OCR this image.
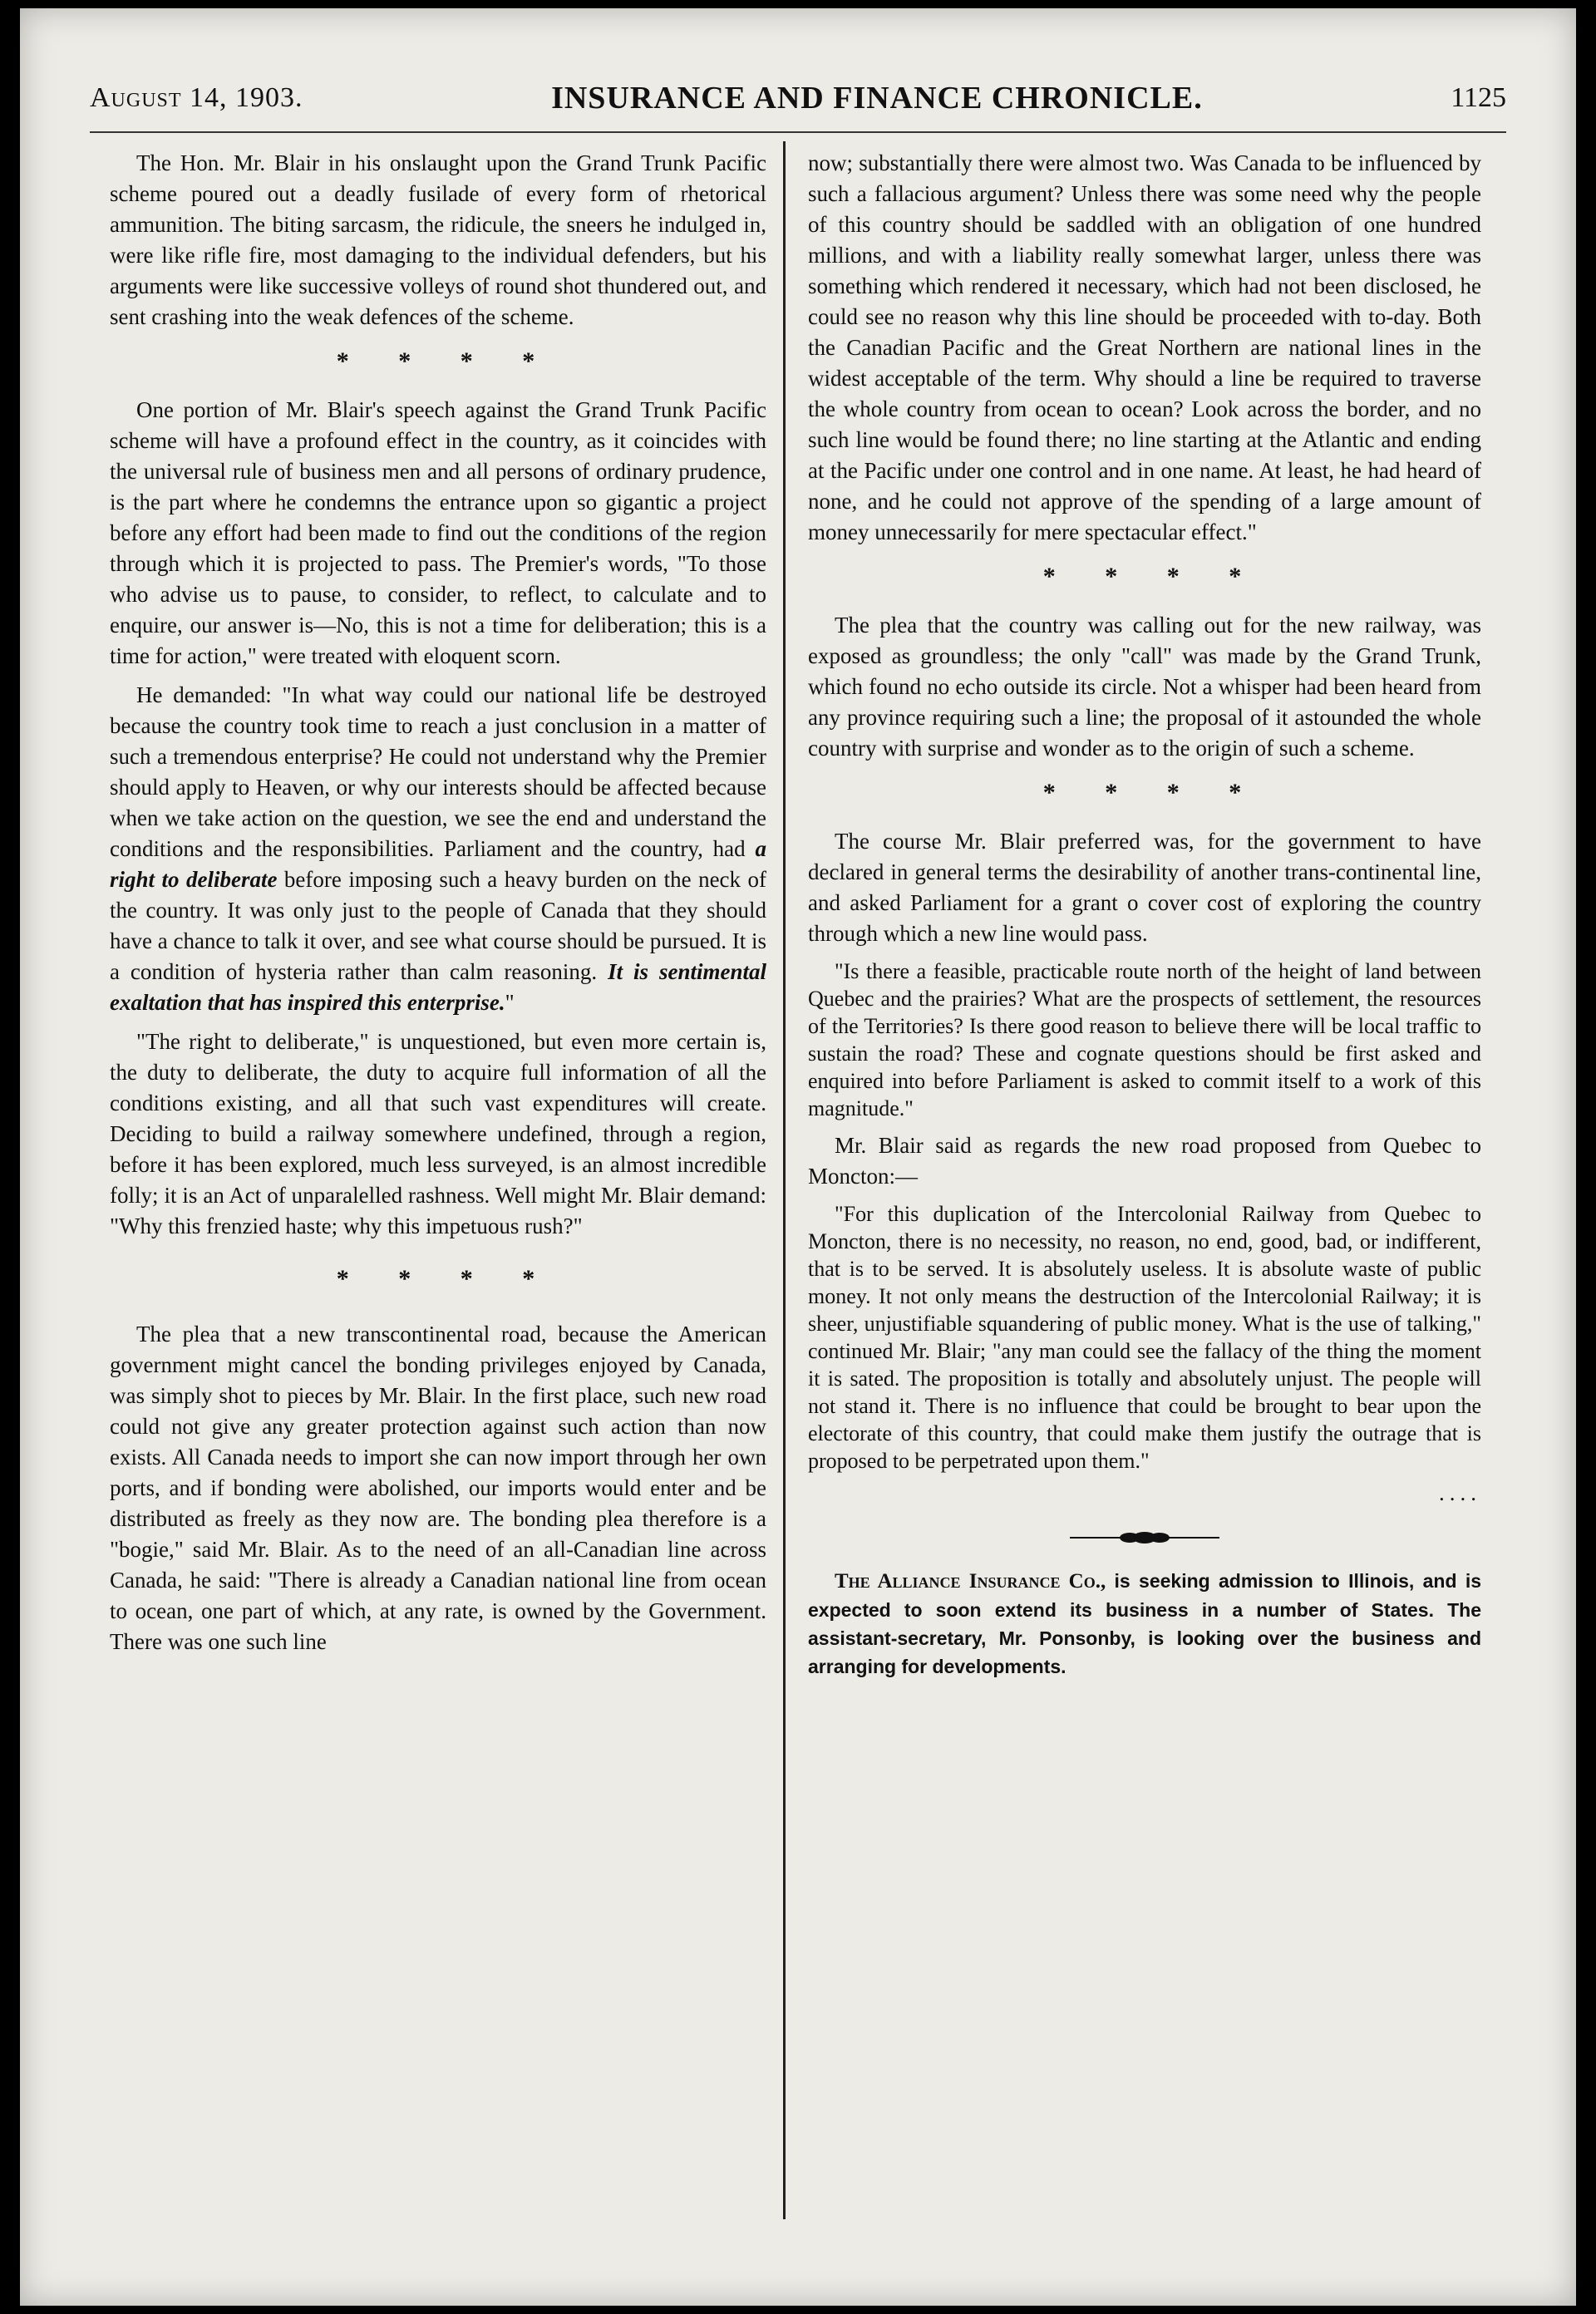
August 14, 1903.	INSURANCE AND FINANCE CHRONICLE.	1125

The Hon. Mr. Blair in his onslaught upon the Grand Trunk Pacific scheme poured out a deadly fusilade of every form of rhetorical ammunition. The biting sarcasm, the ridicule, the sneers he indulged in, were like rifle fire, most damaging to the individual defenders, but his arguments were like successive volleys of round shot thundered out, and sent crashing into the weak defences of the scheme.

* * * *

One portion of Mr. Blair's speech against the Grand Trunk Pacific scheme will have a profound effect in the country, as it coincides with the universal rule of business men and all persons of ordinary prudence, is the part where he condemns the entrance upon so gigantic a project before any effort had been made to find out the conditions of the region through which it is projected to pass. The Premier's words, "To those who advise us to pause, to consider, to reflect, to calculate and to enquire, our answer is—No, this is not a time for deliberation; this is a time for action," were treated with eloquent scorn.

He demanded: "In what way could our national life be destroyed because the country took time to reach a just conclusion in a matter of such a tremendous enterprise? He could not understand why the Premier should apply to Heaven, or why our interests should be affected because when we take action on the question, we see the end and understand the conditions and the responsibilities. Parliament and the country, had a right to deliberate before imposing such a heavy burden on the neck of the country. It was only just to the people of Canada that they should have a chance to talk it over, and see what course should be pursued. It is a condition of hysteria rather than calm reasoning. It is sentimental exaltation that has inspired this enterprise."

"The right to deliberate," is unquestioned, but even more certain is, the duty to deliberate, the duty to acquire full information of all the conditions existing, and all that such vast expenditures will create. Deciding to build a railway somewhere undefined, through a region, before it has been explored, much less surveyed, is an almost incredible folly; it is an Act of unparalelled rashness. Well might Mr. Blair demand: "Why this frenzied haste; why this impetuous rush?"

* * * *

The plea that a new transcontinental road, because the American government might cancel the bonding privileges enjoyed by Canada, was simply shot to pieces by Mr. Blair. In the first place, such new road could not give any greater protection against such action than now exists. All Canada needs to import she can now import through her own ports, and if bonding were abolished, our imports would enter and be distributed as freely as they now are. The bonding plea therefore is a "bogie," said Mr. Blair. As to the need of an all-Canadian line across Canada, he said: "There is already a Canadian national line from ocean to ocean, one part of which, at any rate, is owned by the Government. There was one such line

now; substantially there were almost two. Was Canada to be influenced by such a fallacious argument? Unless there was some need why the people of this country should be saddled with an obligation of one hundred millions, and with a liability really somewhat larger, unless there was something which rendered it necessary, which had not been disclosed, he could see no reason why this line should be proceeded with to-day. Both the Canadian Pacific and the Great Northern are national lines in the widest acceptable of the term. Why should a line be required to traverse the whole country from ocean to ocean? Look across the border, and no such line would be found there; no line starting at the Atlantic and ending at the Pacific under one control and in one name. At least, he had heard of none, and he could not approve of the spending of a large amount of money unnecessarily for mere spectacular effect."

* * * *

The plea that the country was calling out for the new railway, was exposed as groundless; the only "call" was made by the Grand Trunk, which found no echo outside its circle. Not a whisper had been heard from any province requiring such a line; the proposal of it astounded the whole country with surprise and wonder as to the origin of such a scheme.

* * * *

The course Mr. Blair preferred was, for the government to have declared in general terms the desirability of another trans-continental line, and asked Parliament for a grant o cover cost of exploring the country through which a new line would pass.

"Is there a feasible, practicable route north of the height of land between Quebec and the prairies? What are the prospects of settlement, the resources of the Territories? Is there good reason to believe there will be local traffic to sustain the road? These and cognate questions should be first asked and enquired into before Parliament is asked to commit itself to a work of this magnitude."

Mr. Blair said as regards the new road proposed from Quebec to Moncton:—

"For this duplication of the Intercolonial Railway from Quebec to Moncton, there is no necessity, no reason, no end, good, bad, or indifferent, that is to be served. It is absolutely useless. It is absolute waste of public money. It not only means the destruction of the Intercolonial Railway; it is sheer, unjustifiable squandering of public money. What is the use of talking," continued Mr. Blair; "any man could see the fallacy of the thing the moment it is sated. The proposition is totally and absolutely unjust. The people will not stand it. There is no influence that could be brought to bear upon the electorate of this country, that could make them justify the outrage that is proposed to be perpetrated upon them."

....

The Alliance Insurance Co., is seeking admission to Illinois, and is expected to soon extend its business in a number of States. The assistant-secretary, Mr. Ponsonby, is looking over the business and arranging for developments.
